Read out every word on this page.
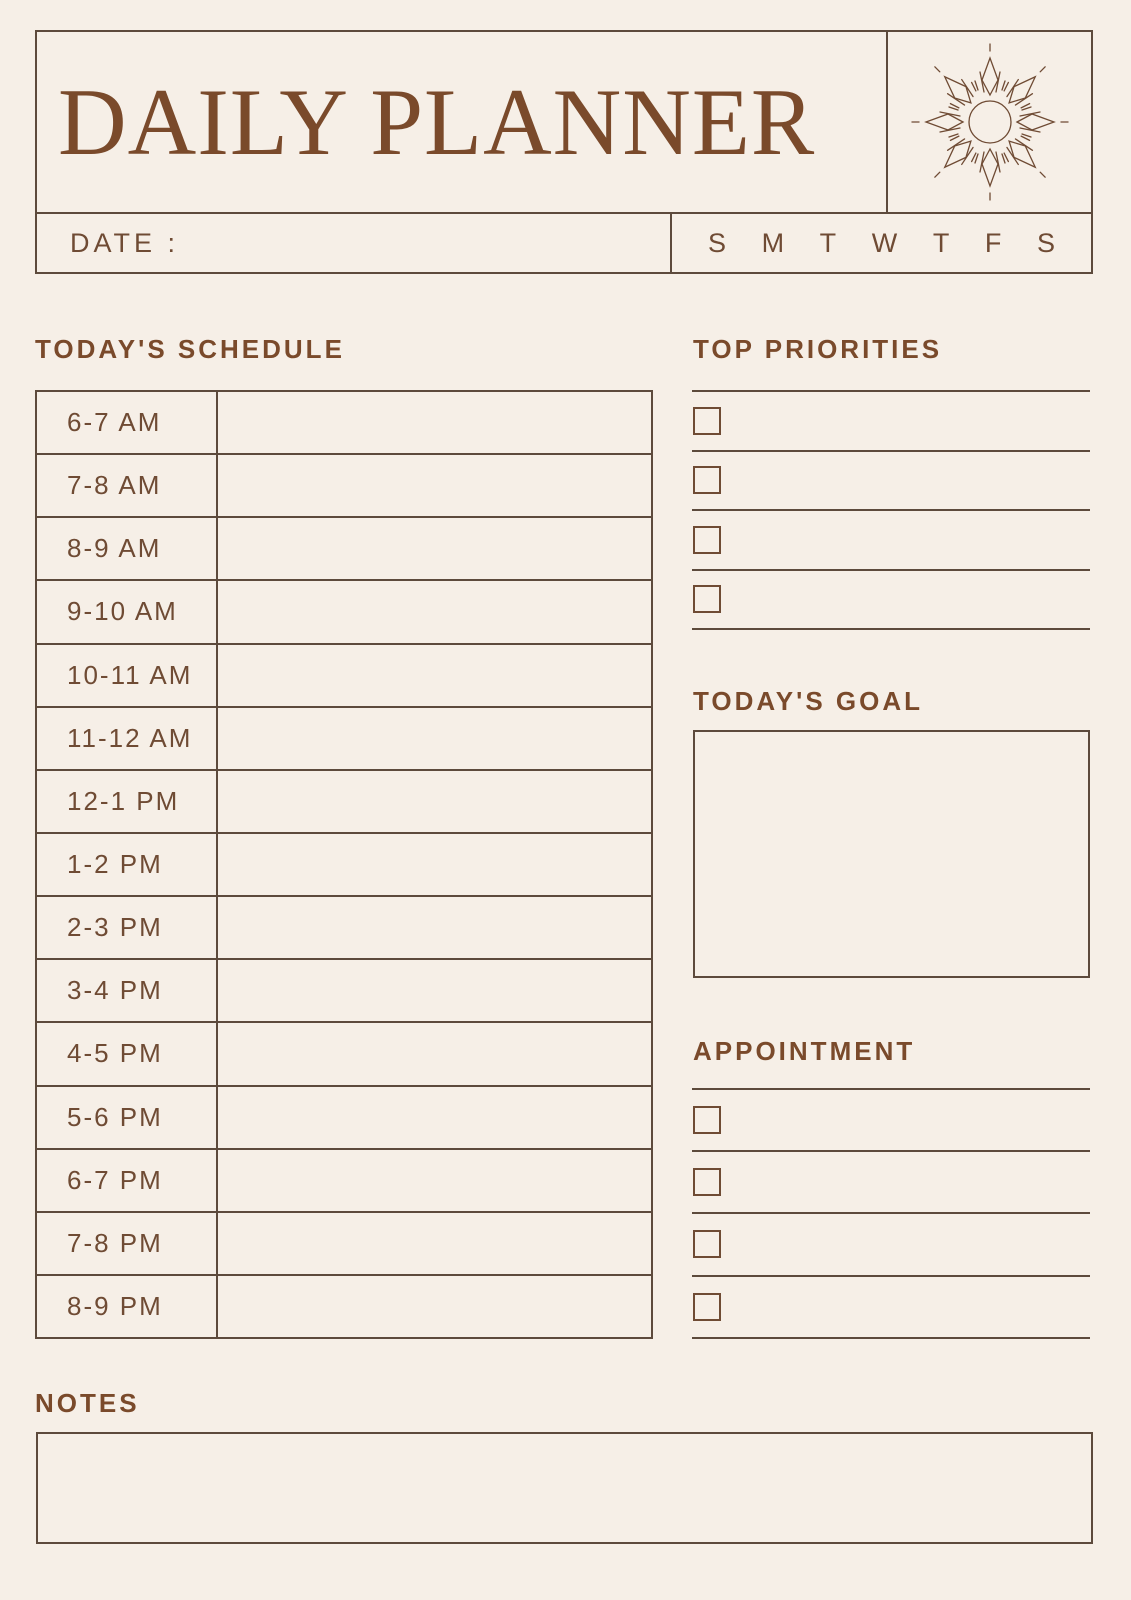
DAILY PLANNER
DATE :	S M T W T F S
TODAY'S SCHEDULE	TOP PRIORITIES
TODAY'S GOAL
APPOINTMENT
NOTES
6-7 AM
7-8 AM
8-9 AM
9-10 AM
10-11 AM
11-12 AM
12-1 PM
1-2 PM
2-3 PM
3-4 PM
4-5 PM
5-6 PM
6-7 PM
7-8 PM
8-9 PM
